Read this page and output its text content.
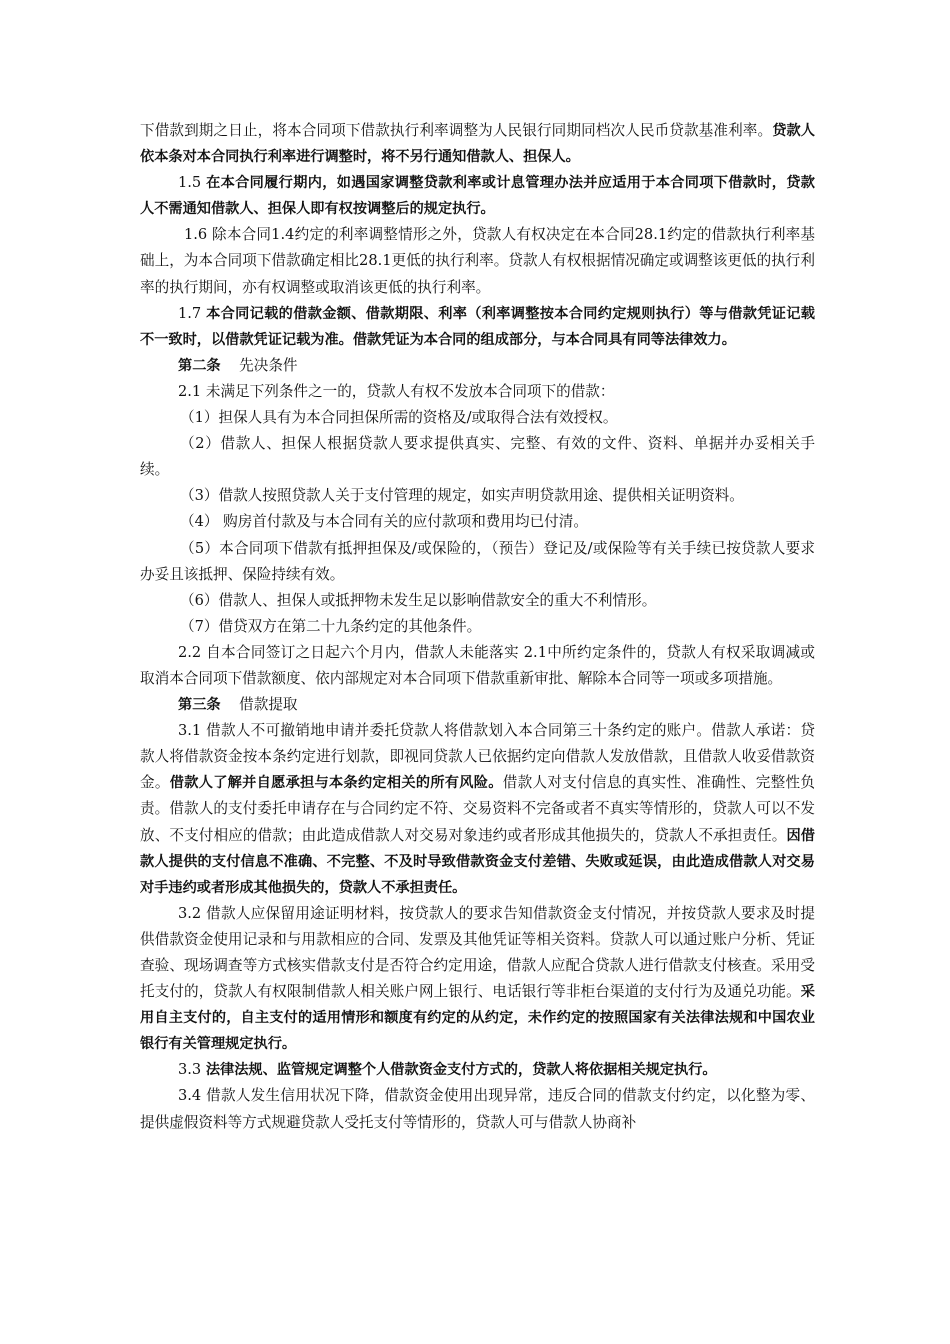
下借款到期之日止，将本合同项下借款执行利率调整为人民银行同期同档次人民币贷款基准利率。贷款人依本条对本合同执行利率进行调整时，将不另行通知借款人、担保人。

1.5 在本合同履行期内，如遇国家调整贷款利率或计息管理办法并应适用于本合同项下借款时，贷款人不需通知借款人、担保人即有权按调整后的规定执行。

1.6 除本合同1.4约定的利率调整情形之外，贷款人有权决定在本合同28.1约定的借款执行利率基础上，为本合同项下借款确定相比28.1更低的执行利率。贷款人有权根据情况确定或调整该更低的执行利率的执行期间，亦有权调整或取消该更低的执行利率。

1.7 本合同记载的借款金额、借款期限、利率（利率调整按本合同约定规则执行）等与借款凭证记载不一致时，以借款凭证记载为准。借款凭证为本合同的组成部分，与本合同具有同等法律效力。

第二条 先决条件

2.1 未满足下列条件之一的，贷款人有权不发放本合同项下的借款：

（1）担保人具有为本合同担保所需的资格及/或取得合法有效授权。

（2）借款人、担保人根据贷款人要求提供真实、完整、有效的文件、资料、单据并办妥相关手续。

（3）借款人按照贷款人关于支付管理的规定，如实声明贷款用途、提供相关证明资料。

（4） 购房首付款及与本合同有关的应付款项和费用均已付清。

（5）本合同项下借款有抵押担保及/或保险的，（预告）登记及/或保险等有关手续已按贷款人要求办妥且该抵押、保险持续有效。

（6）借款人、担保人或抵押物未发生足以影响借款安全的重大不利情形。

（7）借贷双方在第二十九条约定的其他条件。

2.2 自本合同签订之日起六个月内，借款人未能落实 2.1中所约定条件的，贷款人有权采取调减或取消本合同项下借款额度、依内部规定对本合同项下借款重新审批、解除本合同等一项或多项措施。

第三条 借款提取

3.1 借款人不可撤销地申请并委托贷款人将借款划入本合同第三十条约定的账户。借款人承诺：贷款人将借款资金按本条约定进行划款，即视同贷款人已依据约定向借款人发放借款，且借款人收妥借款资金。借款人了解并自愿承担与本条约定相关的所有风险。借款人对支付信息的真实性、准确性、完整性负责。借款人的支付委托申请存在与合同约定不符、交易资料不完备或者不真实等情形的，贷款人可以不发放、不支付相应的借款；由此造成借款人对交易对象违约或者形成其他损失的，贷款人不承担责任。因借款人提供的支付信息不准确、不完整、不及时导致借款资金支付差错、失败或延误，由此造成借款人对交易对手违约或者形成其他损失的，贷款人不承担责任。

3.2 借款人应保留用途证明材料，按贷款人的要求告知借款资金支付情况，并按贷款人要求及时提供借款资金使用记录和与用款相应的合同、发票及其他凭证等相关资料。贷款人可以通过账户分析、凭证查验、现场调查等方式核实借款支付是否符合约定用途，借款人应配合贷款人进行借款支付核查。采用受托支付的，贷款人有权限制借款人相关账户网上银行、电话银行等非柜台渠道的支付行为及通兑功能。采用自主支付的，自主支付的适用情形和额度有约定的从约定，未作约定的按照国家有关法律法规和中国农业银行有关管理规定执行。

3.3 法律法规、监管规定调整个人借款资金支付方式的，贷款人将依据相关规定执行。

3.4 借款人发生信用状况下降，借款资金使用出现异常，违反合同的借款支付约定，以化整为零、提供虚假资料等方式规避贷款人受托支付等情形的，贷款人可与借款人协商补
